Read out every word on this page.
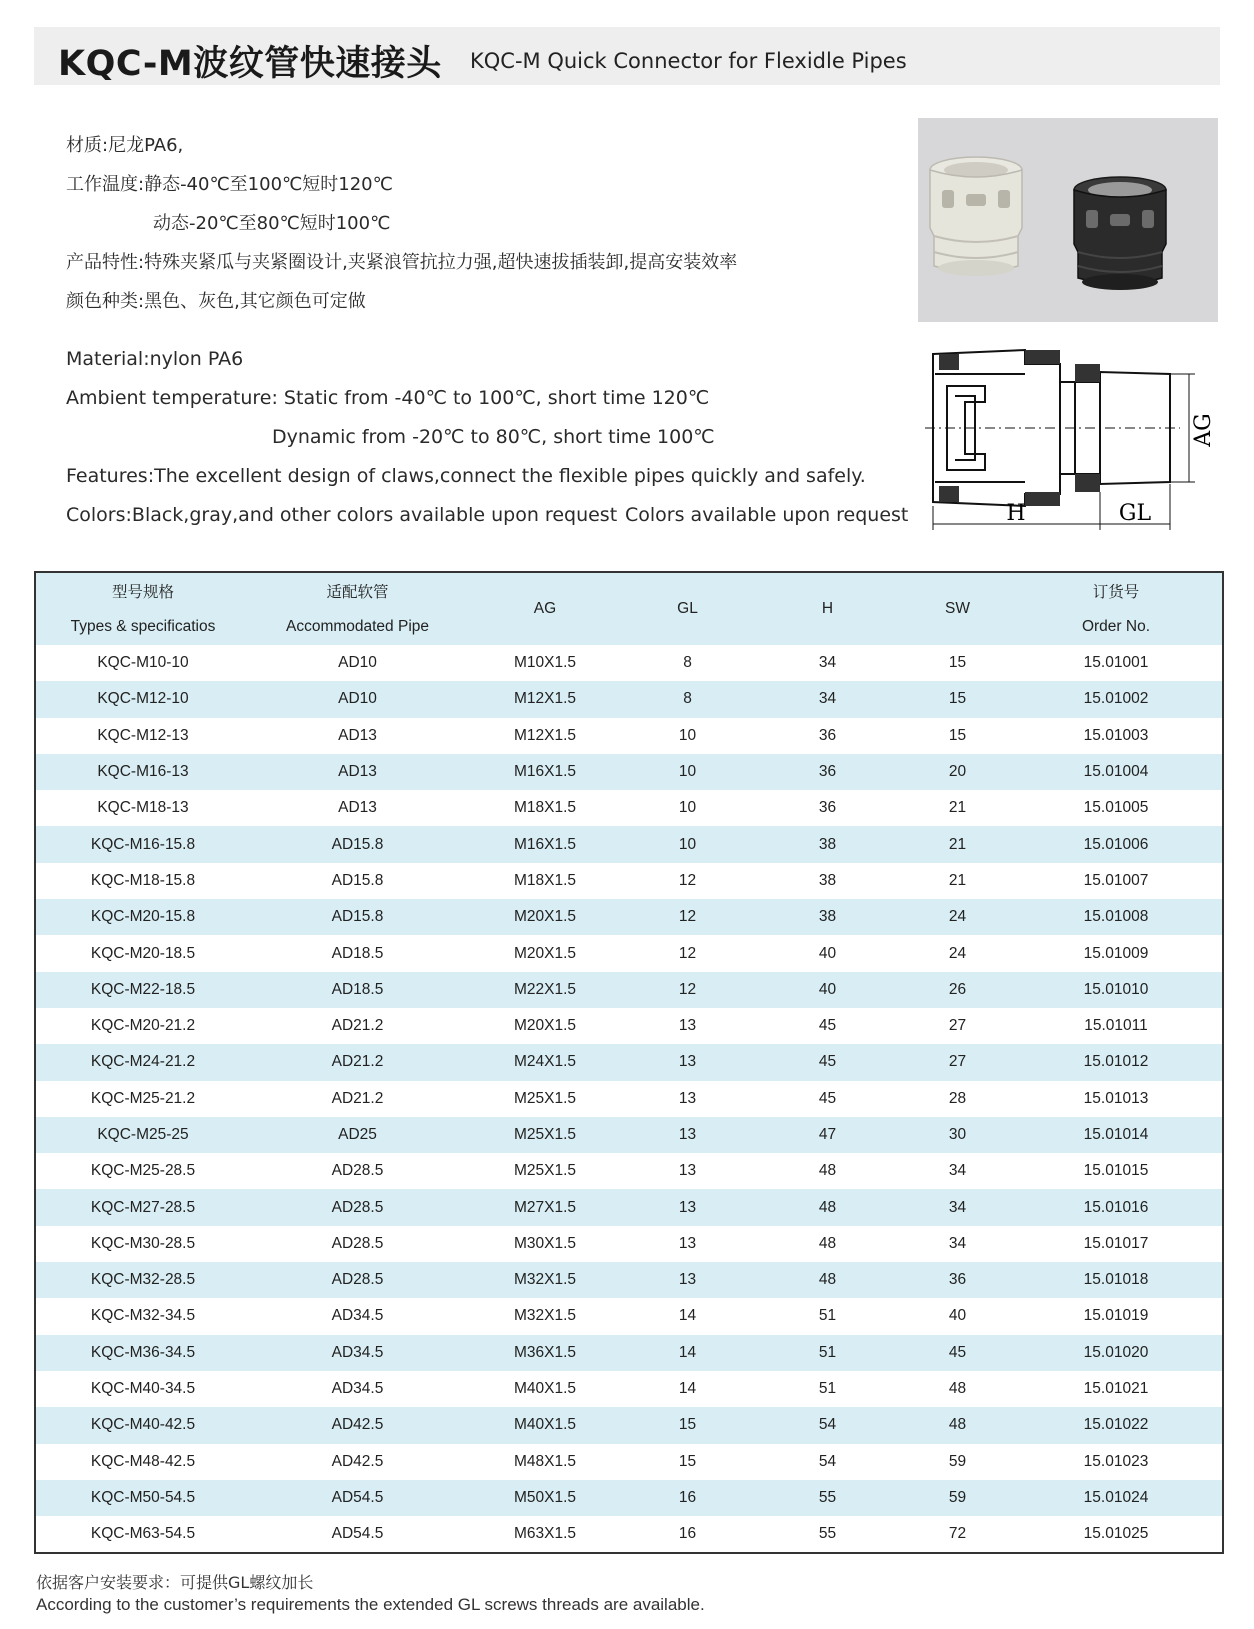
KQC-M波纹管快速接头 KQC-M Quick Connector for Flexidle Pipes
材质:尼龙PA6,
工作温度:静态-40℃至100℃短时120℃
动态-20℃至80℃短时100℃
产品特性:特殊夹紧瓜与夹紧圈设计,夹紧浪管抗拉力强,超快速拔插装卸,提高安装效率
颜色种类:黑色、灰色,其它颜色可定做
Material:nylon PA6
Ambient temperature: Static from -40℃ to 100℃, short time 120℃
Dynamic from -20℃ to 80℃, short time 100℃
Features:The excellent design of claws,connect the flexible pipes quickly and safely.
Colors:Black,gray,and other colors available upon request Colors available upon request
AG
H	GL
型号规格	适配软管	AG	GL	H	SW	订货号
Types & specificatios	Accommodated Pipe					Order No.
KQC-M10-10	AD10	M10X1.5	8	34	15	15.01001
KQC-M12-10	AD10	M12X1.5	8	34	15	15.01002
KQC-M12-13	AD13	M12X1.5	10	36	15	15.01003
KQC-M16-13	AD13	M16X1.5	10	36	20	15.01004
KQC-M18-13	AD13	M18X1.5	10	36	21	15.01005
KQC-M16-15.8	AD15.8	M16X1.5	10	38	21	15.01006
KQC-M18-15.8	AD15.8	M18X1.5	12	38	21	15.01007
KQC-M20-15.8	AD15.8	M20X1.5	12	38	24	15.01008
KQC-M20-18.5	AD18.5	M20X1.5	12	40	24	15.01009
KQC-M22-18.5	AD18.5	M22X1.5	12	40	26	15.01010
KQC-M20-21.2	AD21.2	M20X1.5	13	45	27	15.01011
KQC-M24-21.2	AD21.2	M24X1.5	13	45	27	15.01012
KQC-M25-21.2	AD21.2	M25X1.5	13	45	28	15.01013
KQC-M25-25	AD25	M25X1.5	13	47	30	15.01014
KQC-M25-28.5	AD28.5	M25X1.5	13	48	34	15.01015
KQC-M27-28.5	AD28.5	M27X1.5	13	48	34	15.01016
KQC-M30-28.5	AD28.5	M30X1.5	13	48	34	15.01017
KQC-M32-28.5	AD28.5	M32X1.5	13	48	36	15.01018
KQC-M32-34.5	AD34.5	M32X1.5	14	51	40	15.01019
KQC-M36-34.5	AD34.5	M36X1.5	14	51	45	15.01020
KQC-M40-34.5	AD34.5	M40X1.5	14	51	48	15.01021
KQC-M40-42.5	AD42.5	M40X1.5	15	54	48	15.01022
KQC-M48-42.5	AD42.5	M48X1.5	15	54	59	15.01023
KQC-M50-54.5	AD54.5	M50X1.5	16	55	59	15.01024
KQC-M63-54.5	AD54.5	M63X1.5	16	55	72	15.01025
依据客户安装要求：可提供GL螺纹加长
According to the customer’s requirements the extended GL screws threads are available.
